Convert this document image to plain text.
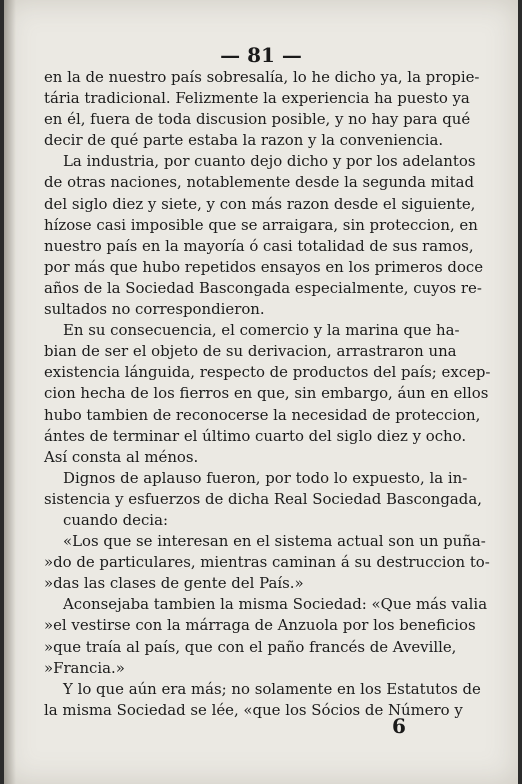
— 81 —
en la de nuestro país sobresalía, lo he dicho ya, la propie-
tária tradicional. Felizmente la experiencia ha puesto ya
en él, fuera de toda discusion posible, y no hay para qué
decir de qué parte estaba la razon y la conveniencia.
La industria, por cuanto dejo dicho y por los adelantos
de otras naciones, notablemente desde la segunda mitad
del siglo diez y siete, y con más razon desde el siguiente,
hízose casi imposible que se arraigara, sin proteccion, en
nuestro país en la mayoría ó casi totalidad de sus ramos,
por más que hubo repetidos ensayos en los primeros doce
años de la Sociedad Bascongada especialmente, cuyos re-
sultados no correspondieron.
En su consecuencia, el comercio y la marina que ha-
bian de ser el objeto de su derivacion, arrastraron una
existencia lánguida, respecto de productos del país; excep-
cion hecha de los fierros en que, sin embargo, áun en ellos
hubo tambien de reconocerse la necesidad de proteccion,
ántes de terminar el último cuarto del siglo diez y ocho.
Así consta al ménos.
Dignos de aplauso fueron, por todo lo expuesto, la in-
sistencia y esfuerzos de dicha Real Sociedad Bascongada,
cuando decia:
«Los que se interesan en el sistema actual son un puña-
»do de particulares, mientras caminan á su destruccion to-
»das las clases de gente del País.»
Aconsejaba tambien la misma Sociedad: «Que más valia
»el vestirse con la márraga de Anzuola por los beneficios
»que traía al país, que con el paño francés de Aveville,
»Francia.»
Y lo que aún era más; no solamente en los Estatutos de
la misma Sociedad se lée, «que los Sócios de Número y
6
